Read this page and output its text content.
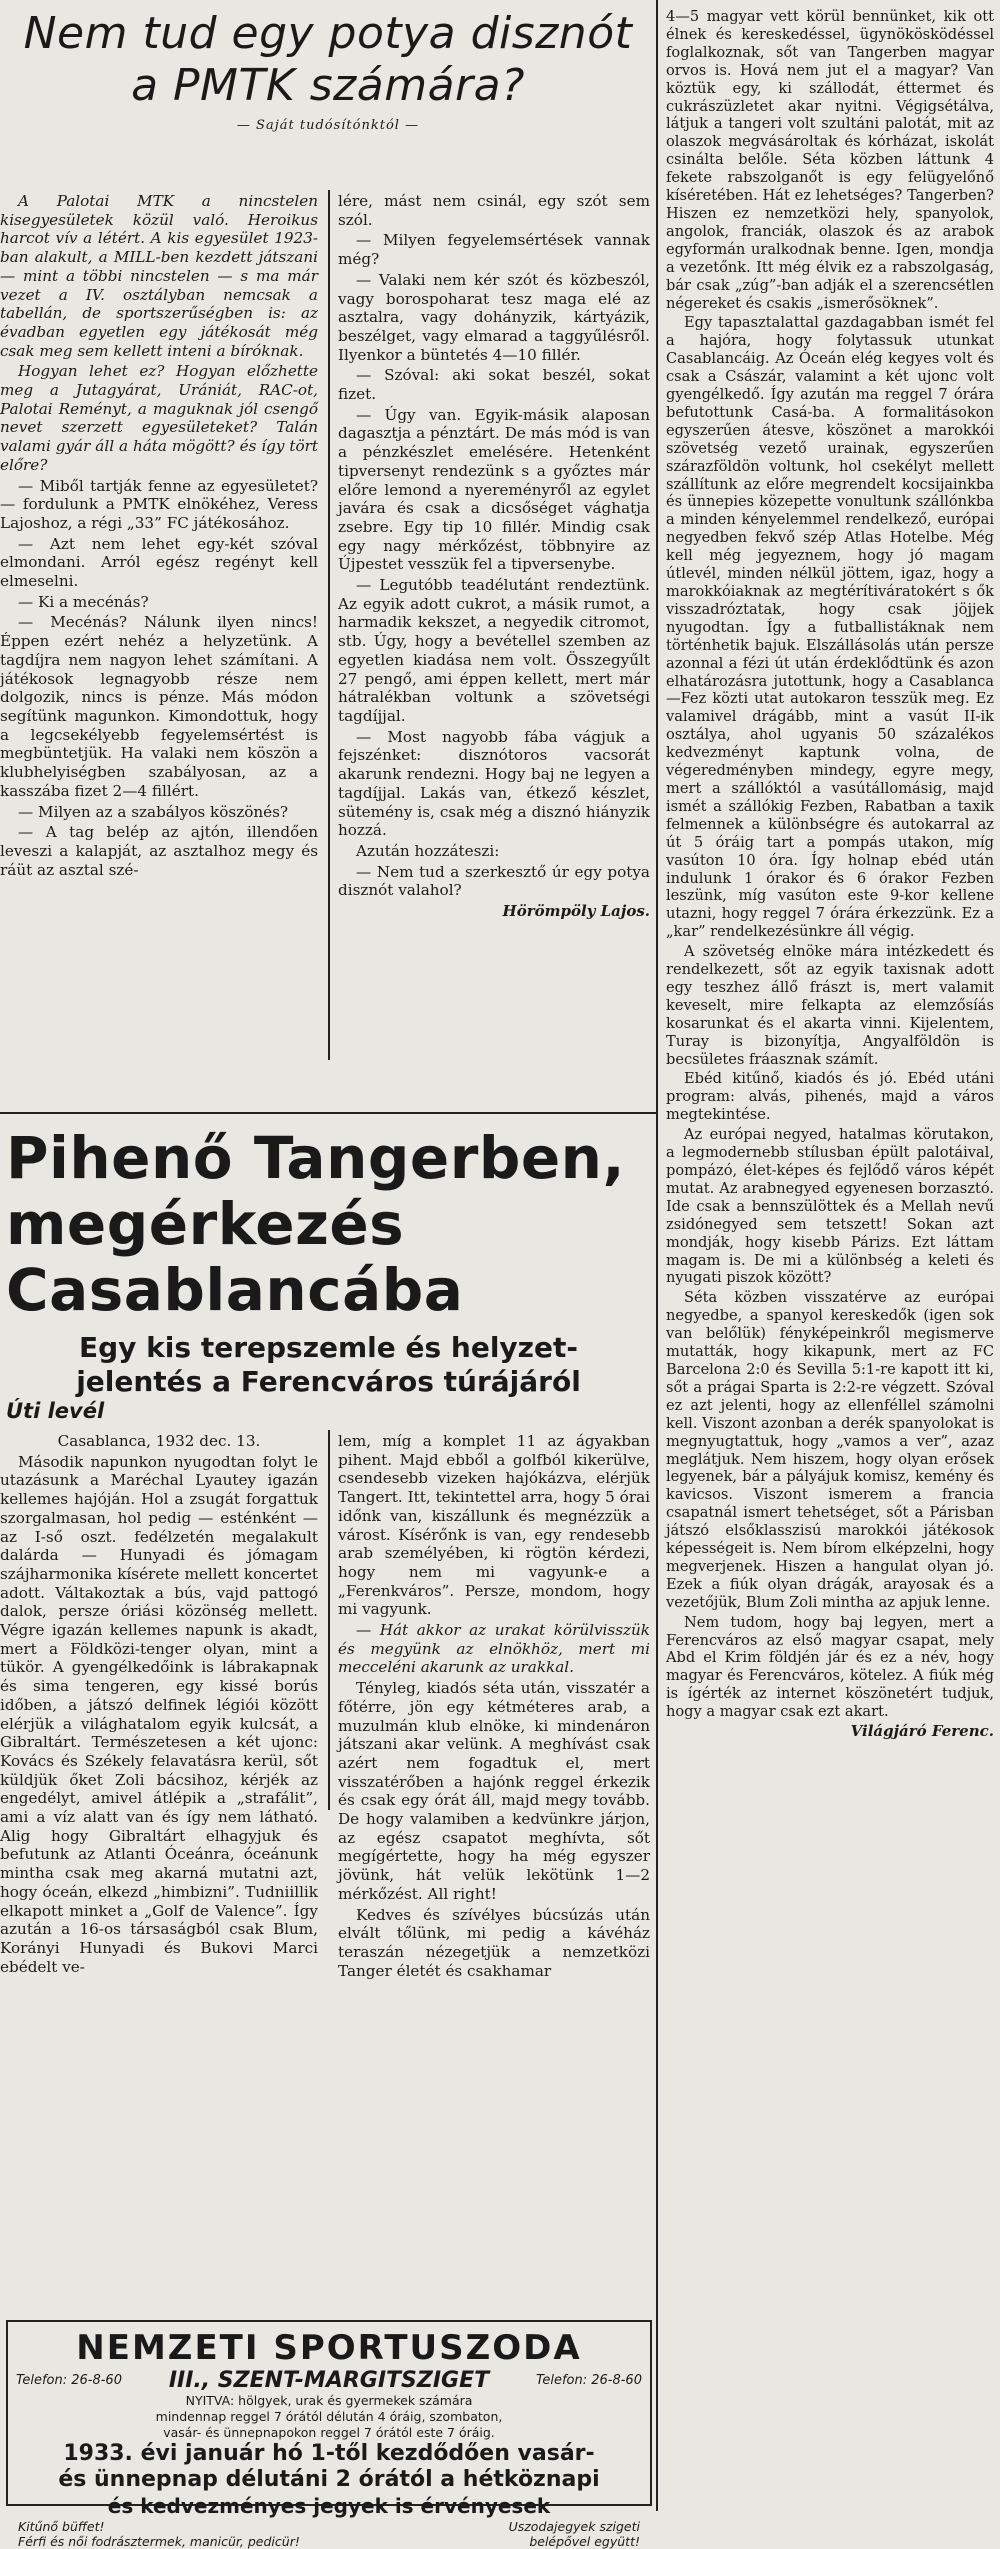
Nem tud egy potya disznót
a PMTK számára?
— Saját tudósítónktól —

A Palotai MTK a nincstelen kisegyesületek közül való. Heroikus harcot vív a létért. A kis egyesület 1923-ban alakult, a MILL-ben kezdett játszani — mint a többi nincstelen — s ma már vezet a IV. osztályban nemcsak a tabellán, de sportszerűségben is: az évadban egyetlen egy játékosát még csak meg sem kellett inteni a bíróknak.

Hogyan lehet ez? Hogyan előzhette meg a Jutagyárat, Urániát, RAC-ot, Palotai Reményt, a maguknak jól csengő nevet szerzett egyesületeket? Talán valami gyár áll a háta mögött? és így tört előre?

— Miből tartják fenne az egyesületet? — fordulunk a PMTK elnökéhez, Veress Lajoshoz, a régi „33” FC játékosához.

— Azt nem lehet egy-két szóval elmondani. Arról egész regényt kell elmeselni.

— Ki a mecénás?

— Mecénás? Nálunk ilyen nincs! Éppen ezért nehéz a helyzetünk. A tagdíjra nem nagyon lehet számítani. A játékosok legnagyobb része nem dolgozik, nincs is pénze. Más módon segítünk magunkon. Kimondottuk, hogy a legcsekélyebb fegyelemsértést is megbüntetjük. Ha valaki nem köszön a klubhelyiségben szabályosan, az a kasszába fizet 2—4 fillért.

— Milyen az a szabályos köszönés?

— A tag belép az ajtón, illendően leveszi a kalapját, az asztalhoz megy és ráüt az asztal szé-

lére, mást nem csinál, egy szót sem szól.

— Milyen fegyelemsértések vannak még?

— Valaki nem kér szót és közbeszól, vagy borospoharat tesz maga elé az asztalra, vagy dohányzik, kártyázik, beszélget, vagy elmarad a taggyűlésről. Ilyenkor a büntetés 4—10 fillér.

— Szóval: aki sokat beszél, sokat fizet.

— Úgy van. Egyik-másik alaposan dagasztja a pénztárt. De más mód is van a pénzkészlet emelésére. Hetenként tipversenyt rendezünk s a győztes már előre lemond a nyereményről az egylet javára és csak a dicsőséget vághatja zsebre. Egy tip 10 fillér. Mindig csak egy nagy mérkőzést, többnyire az Újpestet vesszük fel a tipversenybe.

— Legutóbb teadélutánt rendeztünk. Az egyik adott cukrot, a másik rumot, a harmadik kekszet, a negyedik citromot, stb. Úgy, hogy a bevétellel szemben az egyetlen kiadása nem volt. Összegyűlt 27 pengő, ami éppen kellett, mert már hátralékban voltunk a szövetségi tagdíjjal.

— Most nagyobb fába vágjuk a fejszénket: disznótoros vacsorát akarunk rendezni. Hogy baj ne legyen a tagdíjjal. Lakás van, étkező készlet, sütemény is, csak még a disznó hiányzik hozzá.

Azután hozzáteszi:

— Nem tud a szerkesztő úr egy potya disznót valahol?

Hörömpöly Lajos.
Pihenő Tangerben,
megérkezés
Casablancába
Egy kis terepszemle és helyzet-
jelentés a Ferencváros túrájáról
Úti levél

Casablanca, 1932 dec. 13.

Második napunkon nyugodtan folyt le utazásunk a Maréchal Lyautey igazán kellemes hajóján. Hol a zsugát forgattuk szorgalmasan, hol pedig — esténként — az I-ső oszt. fedélzetén megalakult dalárda — Hunyadi és jómagam szájharmonika kísérete mellett koncertet adott. Váltakoztak a bús, vajd pattogó dalok, persze óriási közönség mellett. Végre igazán kellemes napunk is akadt, mert a Földközi-tenger olyan, mint a tükör. A gyengélkedőink is lábrakapnak és sima tengeren, egy kissé borús időben, a játszó delfinek légiói között elérjük a világhatalom egyik kulcsát, a Gibraltárt. Természetesen a két ujonc: Kovács és Székely felavatásra kerül, sőt küldjük őket Zoli bácsihoz, kérjék az engedélyt, amivel átlépik a „strafálit”, ami a víz alatt van és így nem látható. Alig hogy Gibraltárt elhagyjuk és befutunk az Atlanti Óceánra, óceánunk mintha csak meg akarná mutatni azt, hogy óceán, elkezd „himbizni”. Tudniillik elkapott minket a „Golf de Valence”. Így azután a 16-os társaságból csak Blum, Korányi Hunyadi és Bukovi Marci ebédelt ve-

lem, míg a komplet 11 az ágyakban pihent. Majd ebből a golfból kikerülve, csendesebb vizeken hajókázva, elérjük Tangert. Itt, tekintettel arra, hogy 5 órai időnk van, kiszállunk és megnézzük a várost. Kísérőnk is van, egy rendesebb arab személyében, ki rögtön kérdezi, hogy nem mi vagyunk-e a „Ferenkváros”. Persze, mondom, hogy mi vagyunk.

— Hát akkor az urakat körülvisszük és megyünk az elnökhöz, mert mi mecceléni akarunk az urakkal.

Tényleg, kiadós séta után, visszatér a főtérre, jön egy kétméteres arab, a muzulmán klub elnöke, ki mindenáron játszani akar velünk. A meghívást csak azért nem fogadtuk el, mert visszatérőben a hajónk reggel érkezik és csak egy órát áll, majd megy tovább. De hogy valamiben a kedvünkre járjon, az egész csapatot meghívta, sőt megígértette, hogy ha még egyszer jövünk, hát velük lekötünk 1—2 mérkőzést. All right!

Kedves és szívélyes búcsúzás után elvált tőlünk, mi pedig a kávéház teraszán nézegetjük a nemzetközi Tanger életét és csakhamar

NEMZETI SPORTUSZODA
Telefon: 26-8-60 III., SZENT-MARGITSZIGET	Telefon: 26-8-60
NYITVA: hölgyek, urak és gyermekek számára
mindennap reggel 7 órától délután 4 óráig, szombaton,
vasár- és ünnepnapokon reggel 7 órától este 7 óráig.
1933. évi január hó 1-től kezdődően vasár-
és ünnepnap délutáni 2 órától a hétköznapi
és kedvezményes jegyek is érvényesek
Kitűnő büffet!	Uszodajegyek szigeti
Férfi és női fodrásztermek, manicür, pedicür!	belépővel együtt!

4—5 magyar vett körül bennünket, kik ott élnek és kereskedéssel, ügynökösködéssel foglalkoznak, sőt van Tangerben magyar orvos is. Hová nem jut el a magyar? Van köztük egy, ki szállodát, éttermet és cukrászüzletet akar nyitni. Végigsétálva, látjuk a tangeri volt szultáni palotát, mit az olaszok megvásároltak és kórházat, iskolát csinálta belőle. Séta közben láttunk 4 fekete rabszolganőt is egy felügyelőnő kíséretében. Hát ez lehetséges? Tangerben? Hiszen ez nemzetközi hely, spanyolok, angolok, franciák, olaszok és az arabok egyformán uralkodnak benne. Igen, mondja a vezetőnk. Itt még élvik ez a rabszolgaság, bár csak „zúg”-ban adják el a szerencsétlen négereket és csakis „ismerősöknek”.

Egy tapasztalattal gazdagabban ismét fel a hajóra, hogy folytassuk utunkat Casablancáig. Az Óceán elég kegyes volt és csak a Császár, valamint a két ujonc volt gyengélkedő. Így azután ma reggel 7 órára befutottunk Casá-ba. A formalitásokon egyszerűen átesve, köszönet a marokkói szövetség vezető urainak, egyszerűen szárazföldön voltunk, hol csekélyt mellett szállítunk az előre megrendelt kocsijainkba és ünnepies közepette vonultunk szállónkba a minden kényelemmel rendelkező, európai negyedben fekvő szép Atlas Hotelbe. Még kell még jegyeznem, hogy jó magam útlevél, minden nélkül jöttem, igaz, hogy a marokkóiaknak az megtérítiváratokért s ők visszadróztatak, hogy csak jöjjek nyugodtan. Így a futballistáknak nem történhetik bajuk. Elszállásolás után persze azonnal a fézi út után érdeklődtünk és azon elhatározásra jutottunk, hogy a Casablanca—Fez közti utat autokaron tesszük meg. Ez valamivel drágább, mint a vasút II-ik osztálya, ahol ugyanis 50 százalékos kedvezményt kaptunk volna, de végeredményben mindegy, egyre megy, mert a szállóktól a vasútállomásig, majd ismét a szállókig Fezben, Rabatban a taxik felmennek a különbségre és autokarral az út 5 óráig tart a pompás utakon, míg vasúton 10 óra. Így holnap ebéd után indulunk 1 órakor és 6 órakor Fezben leszünk, míg vasúton este 9-kor kellene utazni, hogy reggel 7 órára érkezzünk. Ez a „kar” rendelkezésünkre áll végig.

A szövetség elnöke mára intézkedett és rendelkezett, sőt az egyik taxisnak adott egy teszhez állő frászt is, mert valamit keveselt, mire felkapta az elemzősíás kosarunkat és el akarta vinni. Kijelentem, Turay is bizonyítja, Angyalföldön is becsületes fráasznak számít.

Ebéd kitűnő, kiadós és jó. Ebéd utáni program: alvás, pihenés, majd a város megtekintése.

Az európai negyed, hatalmas körutakon, a legmodernebb stílusban épült palotáival, pompázó, élet-képes és fejlődő város képét mutat. Az arabnegyed egyenesen borzasztó. Ide csak a bennszülöttek és a Mellah nevű zsidónegyed sem tetszett! Sokan azt mondják, hogy kisebb Párizs. Ezt láttam magam is. De mi a különbség a keleti és nyugati piszok között?

Séta közben visszatérve az európai negyedbe, a spanyol kereskedők (igen sok van belőlük) fényképeinkről megismerve mutatták, hogy kikapunk, mert az FC Barcelona 2:0 és Sevilla 5:1-re kapott itt ki, sőt a prágai Sparta is 2:2-re végzett. Szóval ez azt jelenti, hogy az ellenféllel számolni kell. Viszont azonban a derék spanyolokat is megnyugtattuk, hogy „vamos a ver”, azaz meglátjuk. Nem hiszem, hogy olyan erősek legyenek, bár a pályájuk komisz, kemény és kavicsos. Viszont ismerem a francia csapatnál ismert tehetséget, sőt a Párisban játszó elsőklasszisú marokkói játékosok képességeit is. Nem bírom elképzelni, hogy megverjenek. Hiszen a hangulat olyan jó. Ezek a fiúk olyan drágák, arayosak és a vezetőjük, Blum Zoli mintha az apjuk lenne.

Nem tudom, hogy baj legyen, mert a Ferencváros az első magyar csapat, mely Abd el Krim földjén jár és ez a név, hogy magyar és Ferencváros, kötelez. A fiúk még is ígérték az internet köszönetért tudjuk, hogy a magyar csak ezt akart.

Világjáró Ferenc.
